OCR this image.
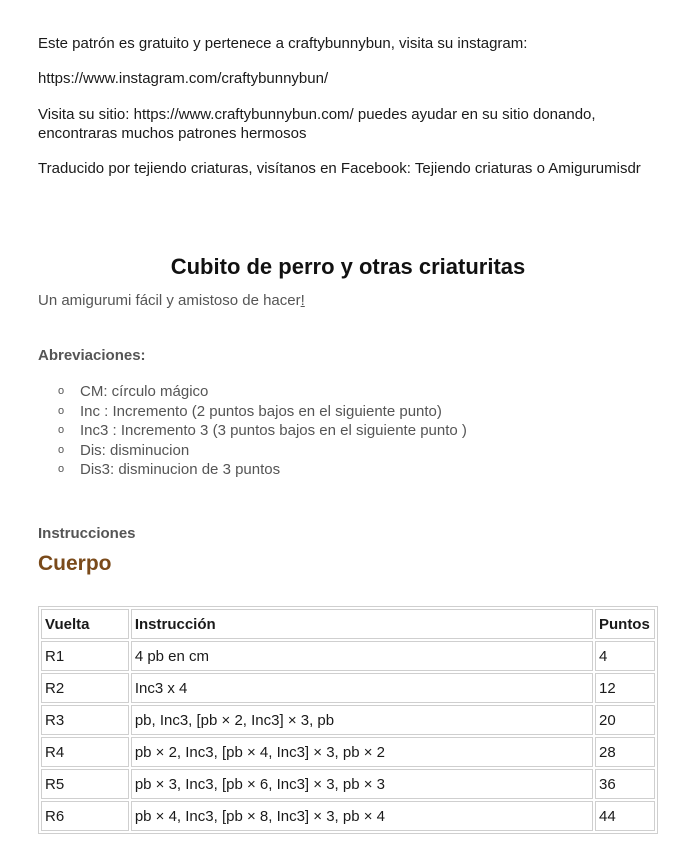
Este patrón es gratuito y pertenece a craftybunnybun, visita su instagram:

https://www.instagram.com/craftybunnybun/

Visita su sitio: https://www.craftybunnybun.com/ puedes ayudar en su sitio donando, encontraras muchos patrones hermosos

Traducido por tejiendo criaturas, visítanos en Facebook: Tejiendo criaturas o Amigurumisdr

Cubito de perro y otras criaturitas

Un amigurumi fácil y amistoso de hacer!

Abreviaciones:

o CM: círculo mágico
o Inc : Incremento (2 puntos bajos en el siguiente punto)
o Inc3 : Incremento 3 (3 puntos bajos en el siguiente punto )
o Dis: disminucion
o Dis3: disminucion de 3 puntos

Instrucciones

Cuerpo
Vuelta	Instrucción	Puntos
R1	4 pb en cm	4
R2	Inc3 x 4	12
R3	pb, Inc3, [pb × 2, Inc3] × 3, pb	20
R4	pb × 2, Inc3, [pb × 4, Inc3] × 3, pb × 2	28
R5	pb × 3, Inc3, [pb × 6, Inc3] × 3, pb × 3	36
R6	pb × 4, Inc3, [pb × 8, Inc3] × 3, pb × 4	44
